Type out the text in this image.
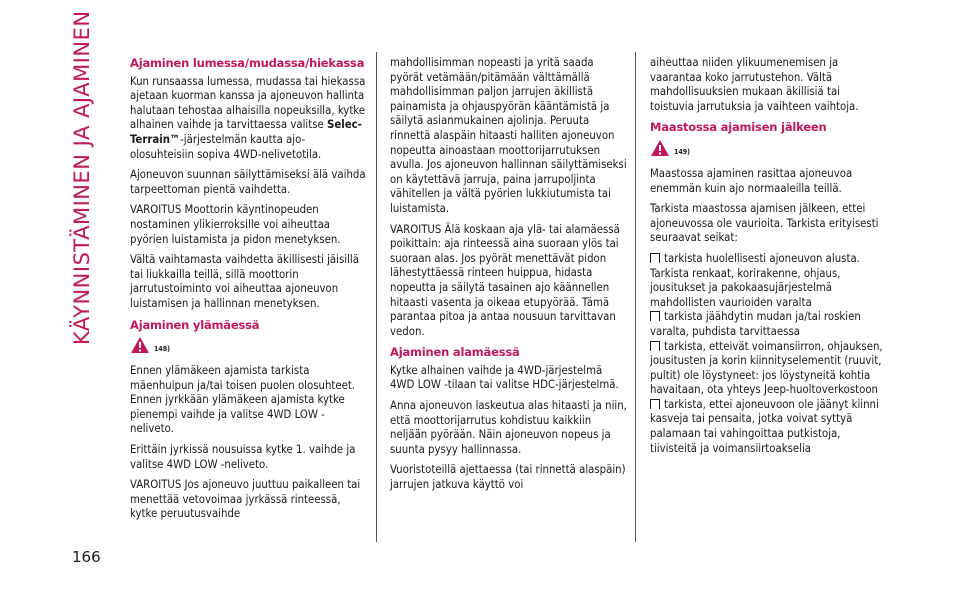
KÄYNNISTÄMINEN JA AJAMINEN
166
Ajaminen lumessa/mudassa/hiekassa

Kun runsaassa lumessa, mudassa tai hiekassa ajetaan kuorman kanssa ja ajoneuvon hallinta halutaan tehostaa alhaisilla nopeuksilla, kytke alhainen vaihde ja tarvittaessa valitse Selec-Terrain™-järjestelmän kautta ajo-olosuhteisiin sopiva 4WD-nelivetotila.

Ajoneuvon suunnan säilyttämiseksi älä vaihda tarpeettoman pientä vaihdetta.

VAROITUS Moottorin käyntinopeuden nostaminen ylikierroksille voi aiheuttaa pyörien luistamista ja pidon menetyksen.

Vältä vaihtamasta vaihdetta äkillisesti jäisillä tai liukkailla teillä, sillä moottorin jarrutustoiminto voi aiheuttaa ajoneuvon luistamisen ja hallinnan menetyksen.

Ajaminen ylämäessä
148)

Ennen ylämäkeen ajamista tarkista mäenhuipun ja/tai toisen puolen olosuhteet. Ennen jyrkkään ylämäkeen ajamista kytke pienempi vaihde ja valitse 4WD LOW -neliveto.

Erittäin jyrkissä nousuissa kytke 1. vaihde ja valitse 4WD LOW -neliveto.

VAROITUS Jos ajoneuvo juuttuu paikalleen tai menettää vetovoimaa jyrkässä rinteessä, kytke peruutusvaihde

mahdollisimman nopeasti ja yritä saada pyörät vetämään/pitämään välttämällä mahdollisimman paljon jarrujen äkillistä painamista ja ohjauspyörän kääntämistä ja säilytä asianmukainen ajolinja. Peruuta rinnettä alaspäin hitaasti halliten ajoneuvon nopeutta ainoastaan moottorijarrutuksen avulla. Jos ajoneuvon hallinnan säilyttämiseksi on käytettävä jarruja, paina jarrupoljinta vähitellen ja vältä pyörien lukkiutumista tai luistamista.

VAROITUS Älä koskaan aja ylä- tai alamäessä poikittain: aja rinteessä aina suoraan ylös tai suoraan alas. Jos pyörät menettävät pidon lähestyttäessä rinteen huippua, hidasta nopeutta ja säilytä tasainen ajo käännellen hitaasti vasenta ja oikeaa etupyörää. Tämä parantaa pitoa ja antaa nousuun tarvittavan vedon.

Ajaminen alamäessä

Kytke alhainen vaihde ja 4WD-järjestelmä 4WD LOW -tilaan tai valitse HDC-järjestelmä.

Anna ajoneuvon laskeutua alas hitaasti ja niin, että moottorijarrutus kohdistuu kaikkiin neljään pyörään. Näin ajoneuvon nopeus ja suunta pysyy hallinnassa.

Vuoristoteillä ajettaessa (tai rinnettä alaspäin) jarrujen jatkuva käyttö voi

aiheuttaa niiden ylikuumenemisen ja vaarantaa koko jarrutustehon. Vältä mahdollisuuksien mukaan äkillisiä tai toistuvia jarrutuksia ja vaihteen vaihtoja.

Maastossa ajamisen jälkeen
149)

Maastossa ajaminen rasittaa ajoneuvoa enemmän kuin ajo normaaleilla teillä.

Tarkista maastossa ajamisen jälkeen, ettei ajoneuvossa ole vaurioita. Tarkista erityisesti seuraavat seikat:

tarkista huolellisesti ajoneuvon alusta. Tarkista renkaat, korirakenne, ohjaus, jousitukset ja pakokaasujärjestelmä mahdollisten vaurioiden varalta

tarkista jäähdytin mudan ja/tai roskien varalta, puhdista tarvittaessa

tarkista, etteivät voimansiirron, ohjauksen, jousitusten ja korin kiinnityselementit (ruuvit, pultit) ole löystyneet: jos löystyneitä kohtia havaitaan, ota yhteys Jeep-huoltoverkostoon

tarkista, ettei ajoneuvoon ole jäänyt kiinni kasveja tai pensaita, jotka voivat syttyä palamaan tai vahingoittaa putkistoja, tiivisteitä ja voimansiirtoakselia
